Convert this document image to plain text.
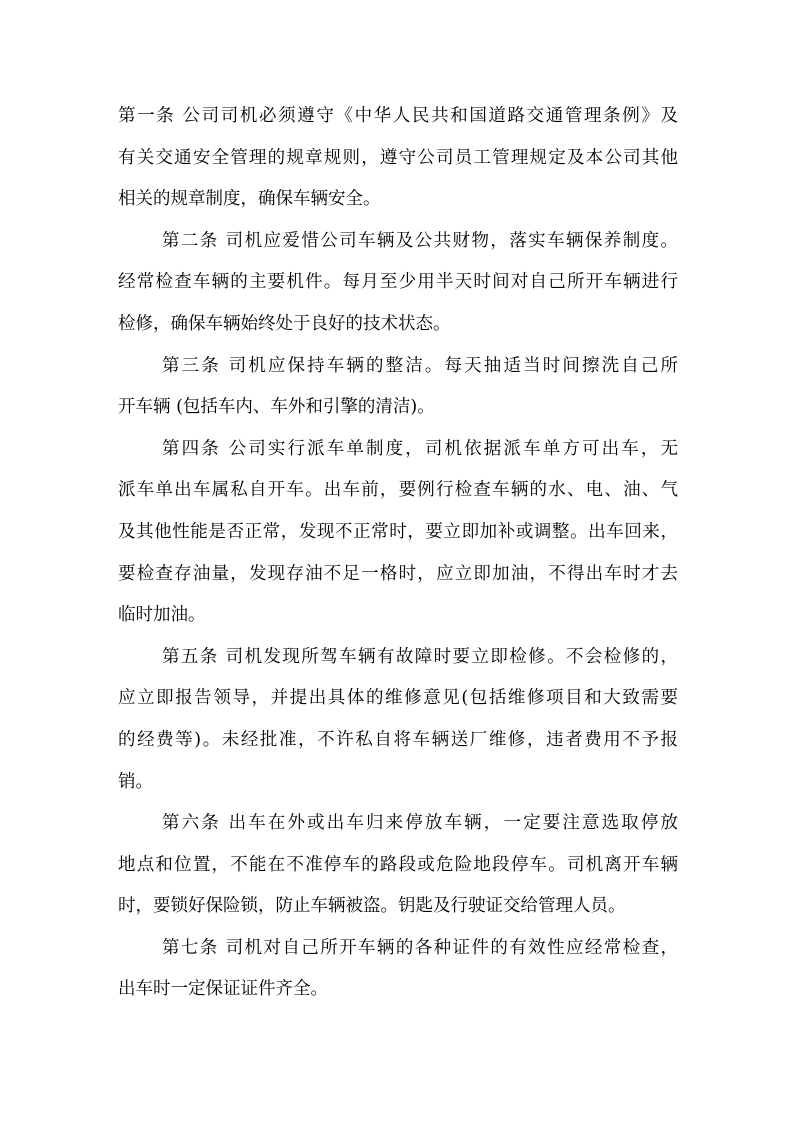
第一条 公司司机必须遵守《中华人民共和国道路交通管理条例》及
有关交通安全管理的规章规则，遵守公司员工管理规定及本公司其他
相关的规章制度，确保车辆安全。
第二条 司机应爱惜公司车辆及公共财物，落实车辆保养制度。
经常检查车辆的主要机件。每月至少用半天时间对自己所开车辆进行
检修，确保车辆始终处于良好的技术状态。
第三条 司机应保持车辆的整洁。每天抽适当时间擦洗自己所
开车辆 (包括车内、车外和引擎的清洁)。
第四条 公司实行派车单制度，司机依据派车单方可出车，无
派车单出车属私自开车。出车前，要例行检查车辆的水、电、油、气
及其他性能是否正常，发现不正常时，要立即加补或调整。出车回来，
要检查存油量，发现存油不足一格时，应立即加油，不得出车时才去
临时加油。
第五条 司机发现所驾车辆有故障时要立即检修。不会检修的，
应立即报告领导，并提出具体的维修意见(包括维修项目和大致需要
的经费等)。未经批准，不许私自将车辆送厂维修，违者费用不予报
销。
第六条 出车在外或出车归来停放车辆，一定要注意选取停放
地点和位置，不能在不准停车的路段或危险地段停车。司机离开车辆
时，要锁好保险锁，防止车辆被盗。钥匙及行驶证交给管理人员。
第七条 司机对自己所开车辆的各种证件的有效性应经常检查，
出车时一定保证证件齐全。
